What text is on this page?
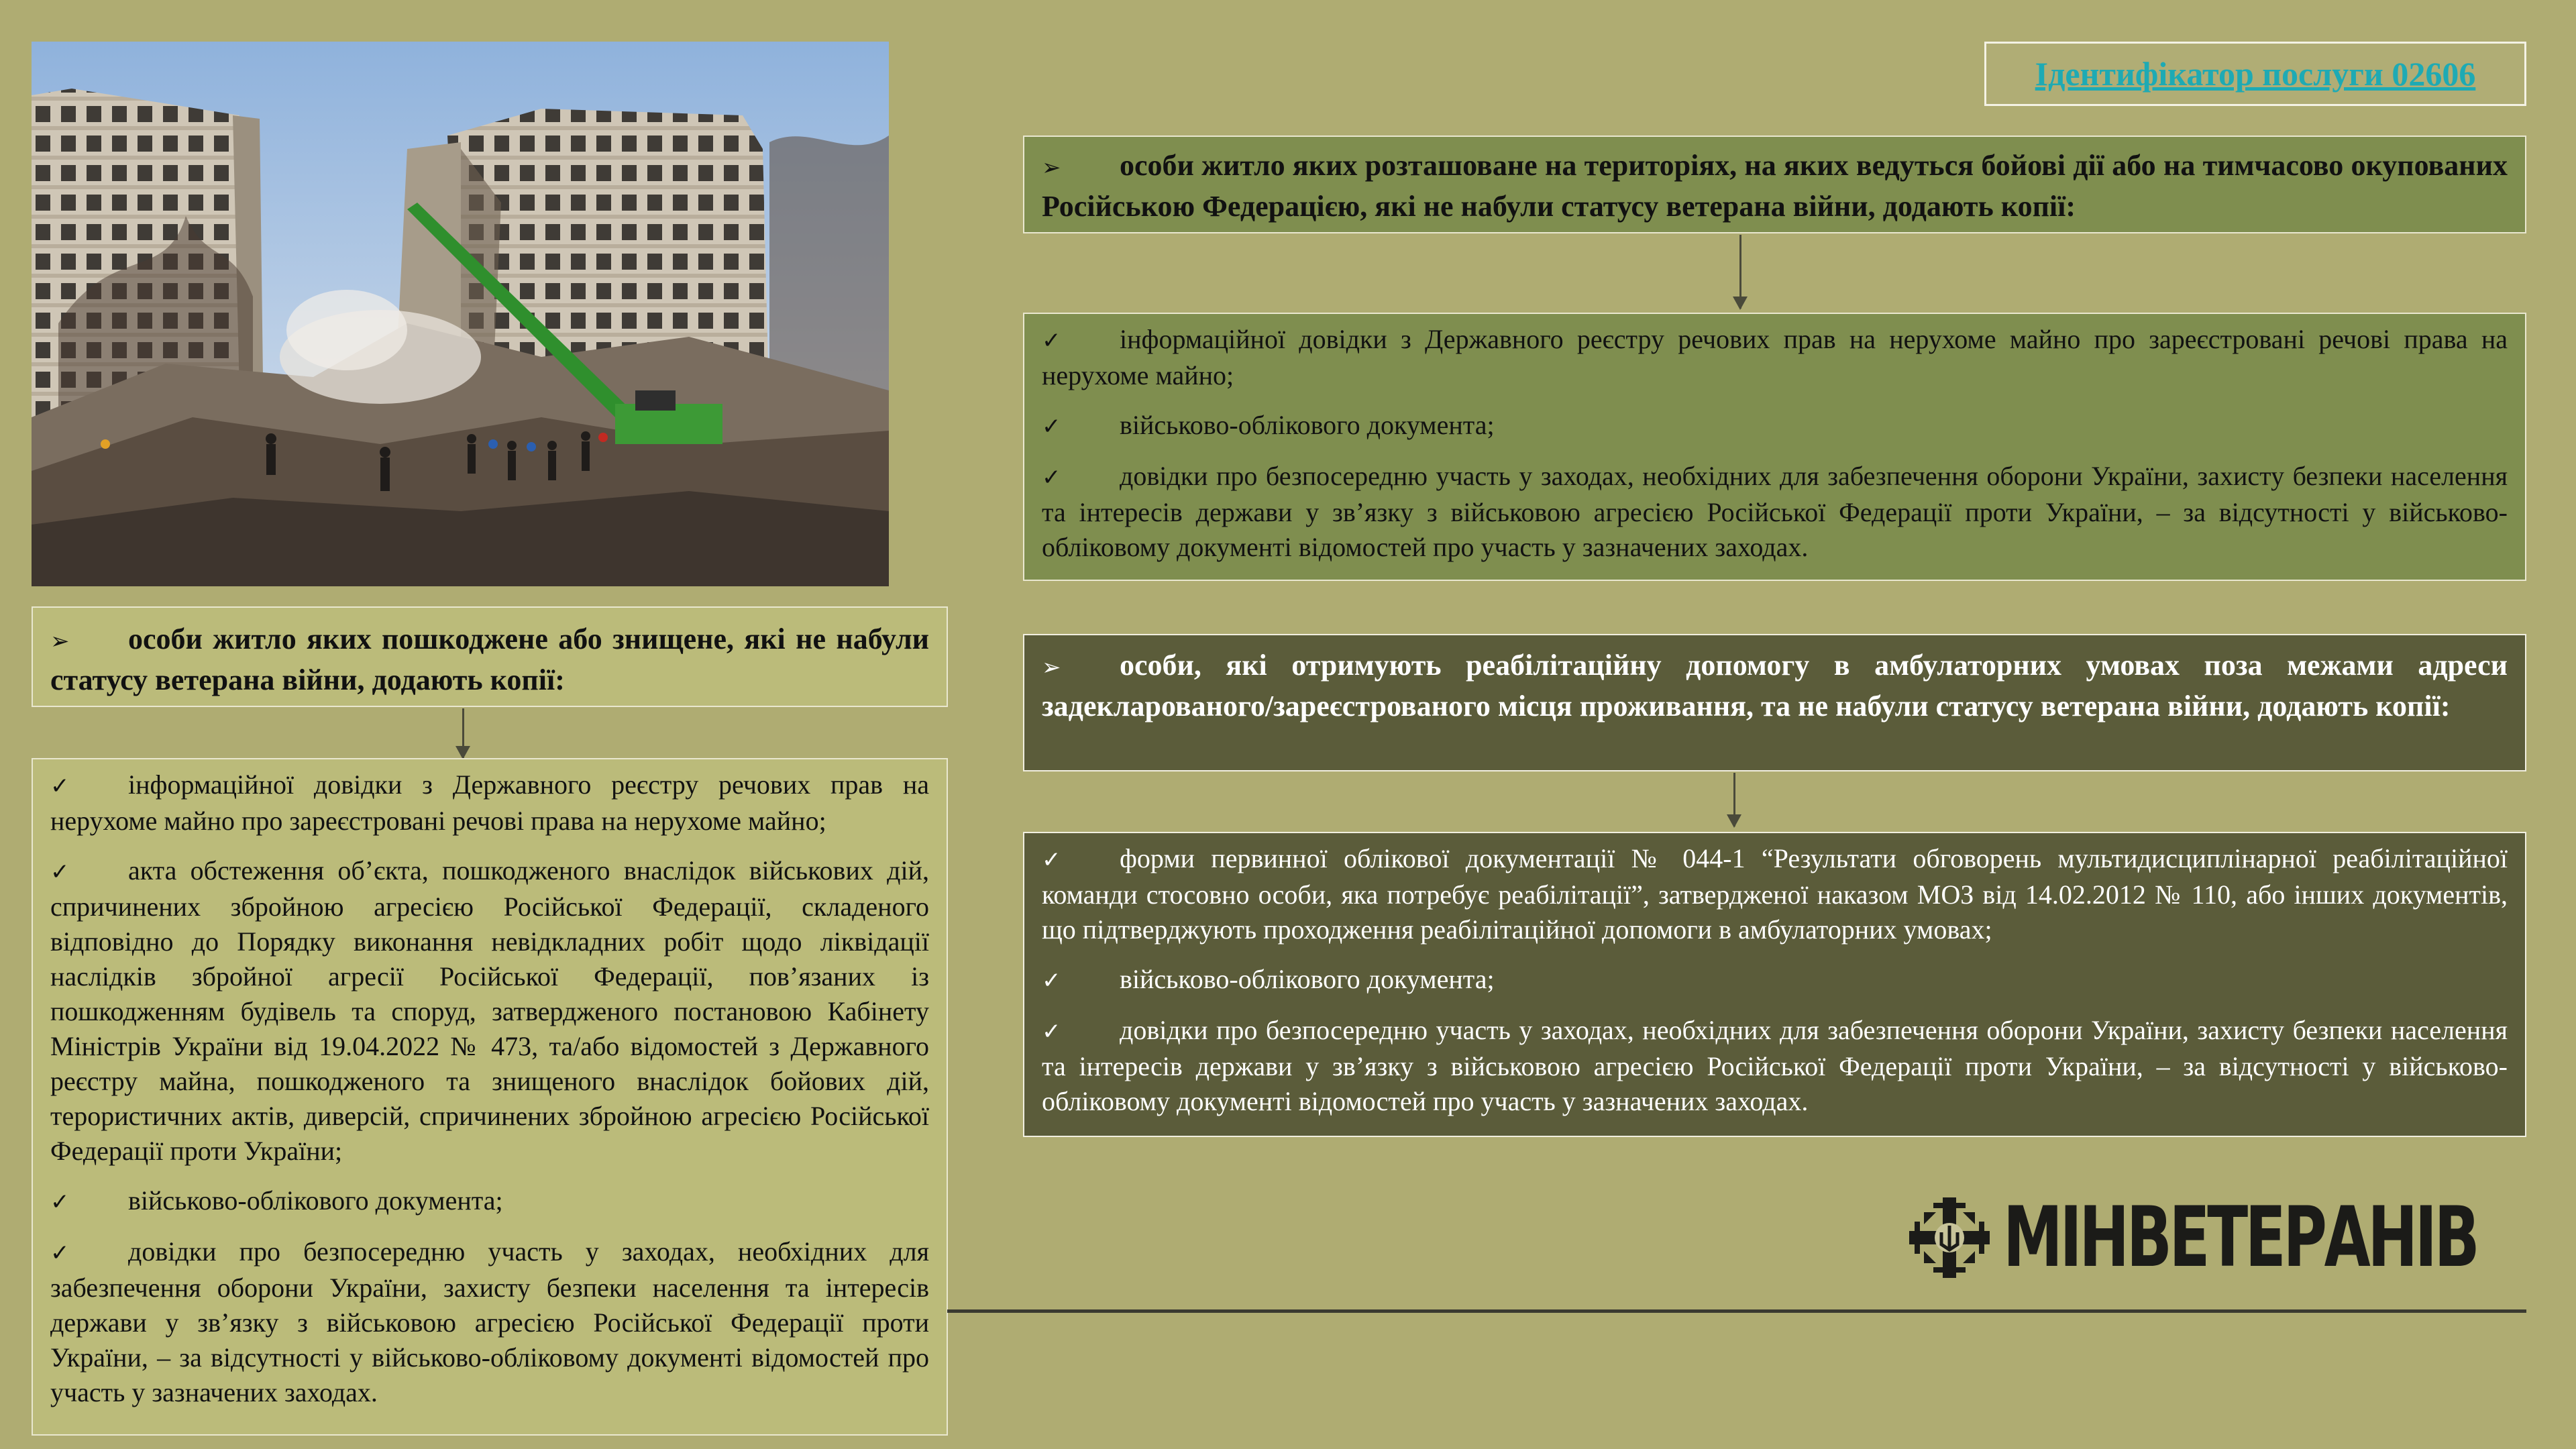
Ідентифікатор послуги 02606
➢ особи житло яких пошкоджене або знищене, які не набули статусу ветерана війни, додають копії:
✓ інформаційної довідки з Державного реєстру речових прав на нерухоме майно про зареєстровані речові права на нерухоме майно;
✓ акта обстеження об’єкта, пошкодженого внаслідок військових дій, спричинених збройною агресією Російської Федерації, складеного відповідно до Порядку виконання невідкладних робіт щодо ліквідації наслідків збройної агресії Російської Федерації, пов’язаних із пошкодженням будівель та споруд, затвердженого постановою Кабінету Міністрів України від 19.04.2022 № 473, та/або відомостей з Державного реєстру майна, пошкодженого та знищеного внаслідок бойових дій, терористичних актів, диверсій, спричинених збройною агресією Російської Федерації проти України;
✓ військово-облікового документа;
✓ довідки про безпосередню участь у заходах, необхідних для забезпечення оборони України, захисту безпеки населення та інтересів держави у зв’язку з військовою агресією Російської Федерації проти України, – за відсутності у військово-обліковому документі відомостей про участь у зазначених заходах.
➢ особи житло яких розташоване на територіях, на яких ведуться бойові дії або на тимчасово окупованих Російською Федерацією, які не набули статусу ветерана війни, додають копії:
✓ інформаційної довідки з Державного реєстру речових прав на нерухоме майно про зареєстровані речові права на нерухоме майно;
✓ військово-облікового документа;
✓ довідки про безпосередню участь у заходах, необхідних для забезпечення оборони України, захисту безпеки населення та інтересів держави у зв’язку з військовою агресією Російської Федерації проти України, – за відсутності у військово-обліковому документі відомостей про участь у зазначених заходах.
➢ особи, які отримують реабілітаційну допомогу в амбулаторних умовах поза межами адреси задекларованого/зареєстрованого місця проживання, та не набули статусу ветерана війни, додають копії:
✓ форми первинної облікової документації № 044-1 “Результати обговорень мультидисциплінарної реабілітаційної команди стосовно особи, яка потребує реабілітації”, затвердженої наказом МОЗ від 14.02.2012 № 110, або інших документів, що підтверджують проходження реабілітаційної допомоги в амбулаторних умовах;
✓ військово-облікового документа;
✓ довідки про безпосередню участь у заходах, необхідних для забезпечення оборони України, захисту безпеки населення та інтересів держави у зв’язку з військовою агресією Російської Федерації проти України, – за відсутності у військово-обліковому документі відомостей про участь у зазначених заходах.
МІНВЕТЕРАНІВ
